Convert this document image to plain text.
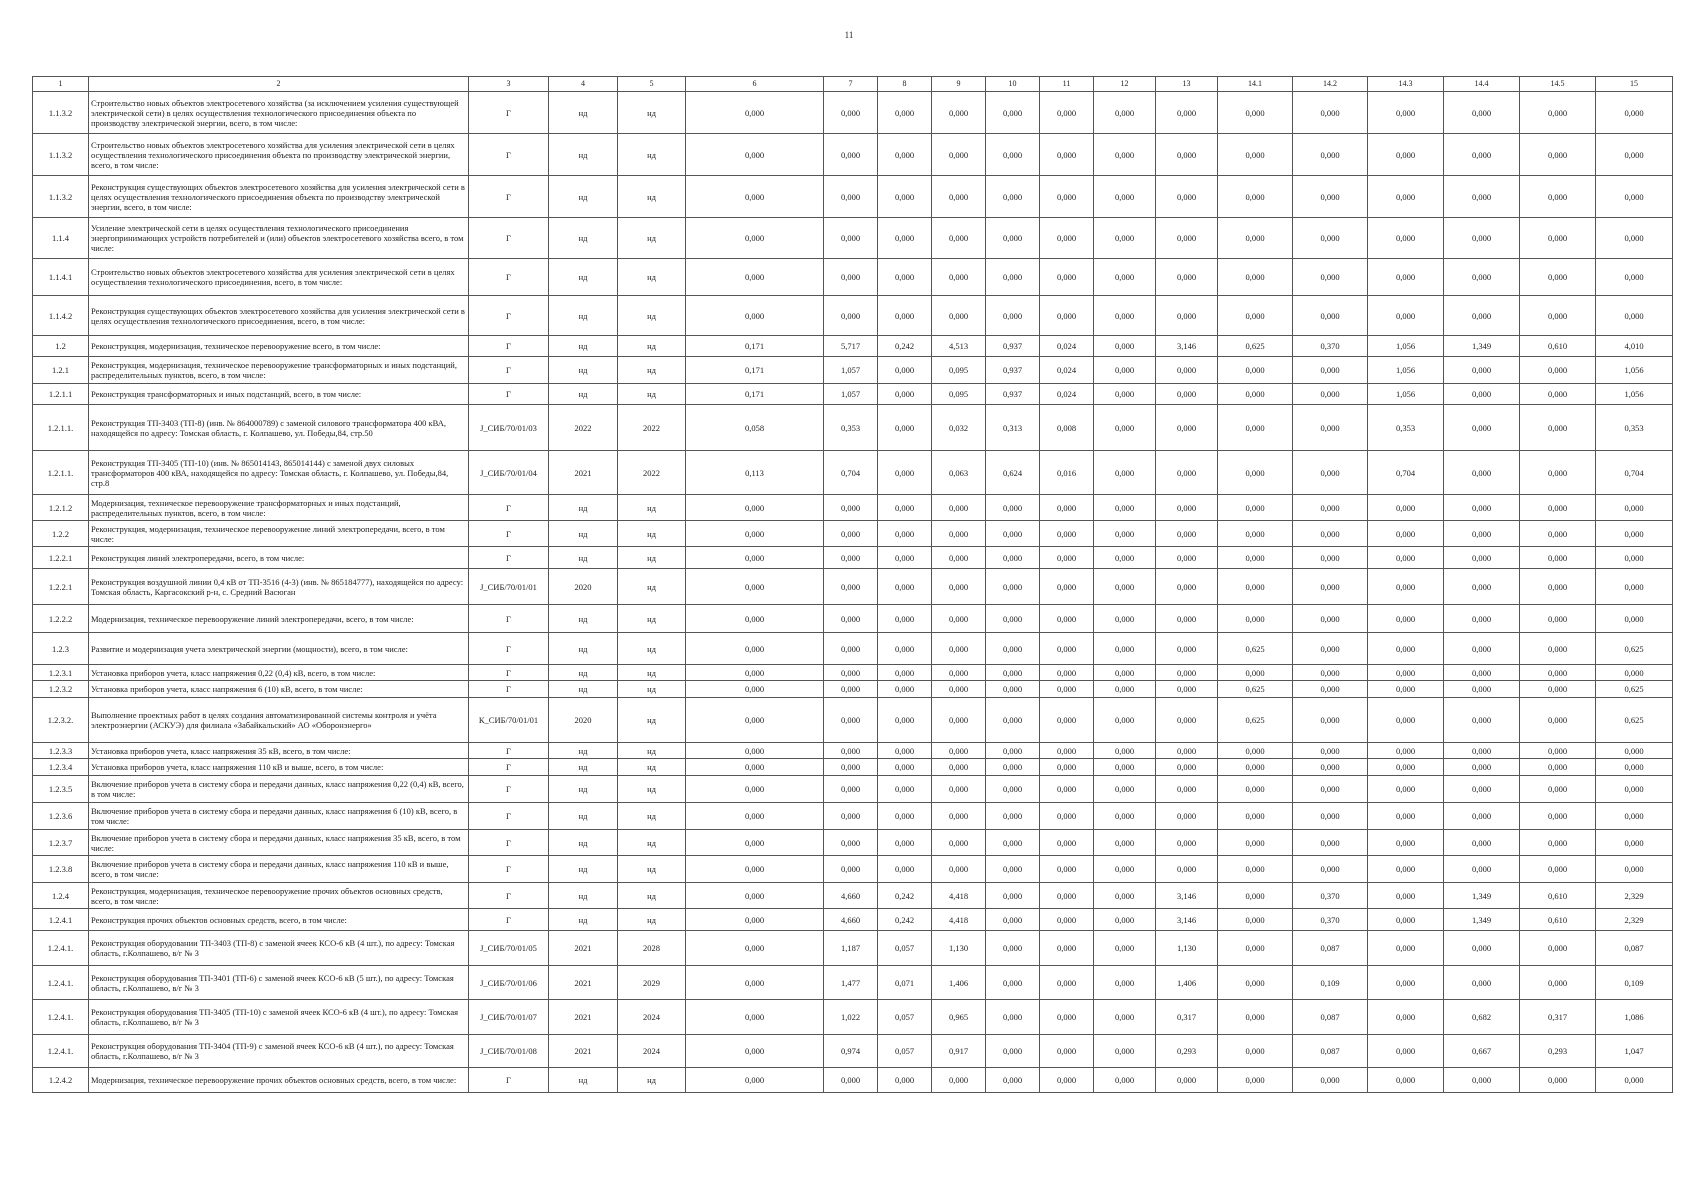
11
1	2	3	4	5	6	7	8	9	10	11	12	13	14.1	14.2	14.3	14.4	14.5	15
1.1.3.2	Строительство новых объектов электросетевого хозяйства (за исключением усиления существующей электрической сети) в целях осуществления технологического присоединения объекта по производству электрической энергии, всего, в том числе:	Г	нд	нд	0,000	0,000	0,000	0,000	0,000	0,000	0,000	0,000	0,000	0,000	0,000	0,000	0,000	0,000
1.1.3.2	Строительство новых объектов электросетевого хозяйства для усиления электрической сети в целях осуществления технологического присоединения объекта по производству электрической энергии, всего, в том числе:	Г	нд	нд	0,000	0,000	0,000	0,000	0,000	0,000	0,000	0,000	0,000	0,000	0,000	0,000	0,000	0,000
1.1.3.2	Реконструкция существующих объектов электросетевого хозяйства для усиления электрической сети в целях осуществления технологического присоединения объекта по производству электрической энергии, всего, в том числе:	Г	нд	нд	0,000	0,000	0,000	0,000	0,000	0,000	0,000	0,000	0,000	0,000	0,000	0,000	0,000	0,000
1.1.4	Усиление электрической сети в целях осуществления технологического присоединения энергопринимающих устройств потребителей и (или) объектов электросетевого хозяйства всего, в том числе:	Г	нд	нд	0,000	0,000	0,000	0,000	0,000	0,000	0,000	0,000	0,000	0,000	0,000	0,000	0,000	0,000
1.1.4.1	Строительство новых объектов электросетевого хозяйства для усиления электрической сети в целях осуществления технологического присоединения, всего, в том числе:	Г	нд	нд	0,000	0,000	0,000	0,000	0,000	0,000	0,000	0,000	0,000	0,000	0,000	0,000	0,000	0,000
1.1.4.2	Реконструкция существующих объектов электросетевого хозяйства для усиления электрической сети в целях осуществления технологического присоединения, всего, в том числе:	Г	нд	нд	0,000	0,000	0,000	0,000	0,000	0,000	0,000	0,000	0,000	0,000	0,000	0,000	0,000	0,000
1.2	Реконструкция, модернизация, техническое перевооружение всего, в том числе:	Г	нд	нд	0,171	5,717	0,242	4,513	0,937	0,024	0,000	3,146	0,625	0,370	1,056	1,349	0,610	4,010
1.2.1	Реконструкция, модернизация, техническое перевооружение трансформаторных и иных подстанций, распределительных пунктов, всего, в том числе:	Г	нд	нд	0,171	1,057	0,000	0,095	0,937	0,024	0,000	0,000	0,000	0,000	1,056	0,000	0,000	1,056
1.2.1.1	Реконструкция трансформаторных и иных подстанций, всего, в том числе:	Г	нд	нд	0,171	1,057	0,000	0,095	0,937	0,024	0,000	0,000	0,000	0,000	1,056	0,000	0,000	1,056
1.2.1.1.	Реконструкция ТП-3403 (ТП-8) (инв. № 864000789) с заменой силового трансформатора 400 кВА, находящейся по адресу: Томская область, г. Колпашево, ул. Победы,84, стр.50	J_СИБ/70/01/03	2022	2022	0,058	0,353	0,000	0,032	0,313	0,008	0,000	0,000	0,000	0,000	0,353	0,000	0,000	0,353
1.2.1.1.	Реконструкция ТП-3405 (ТП-10) (инв. № 865014143, 865014144) с заменой двух силовых трансформаторов 400 кВА, находящейся по адресу: Томская область, г. Колпашево, ул. Победы,84, стр.8	J_СИБ/70/01/04	2021	2022	0,113	0,704	0,000	0,063	0,624	0,016	0,000	0,000	0,000	0,000	0,704	0,000	0,000	0,704
1.2.1.2	Модернизация, техническое перевооружение трансформаторных и иных подстанций, распределительных пунктов, всего, в том числе:	Г	нд	нд	0,000	0,000	0,000	0,000	0,000	0,000	0,000	0,000	0,000	0,000	0,000	0,000	0,000	0,000
1.2.2	Реконструкция, модернизация, техническое перевооружение линий электропередачи, всего, в том числе:	Г	нд	нд	0,000	0,000	0,000	0,000	0,000	0,000	0,000	0,000	0,000	0,000	0,000	0,000	0,000	0,000
1.2.2.1	Реконструкция линий электропередачи, всего, в том числе:	Г	нд	нд	0,000	0,000	0,000	0,000	0,000	0,000	0,000	0,000	0,000	0,000	0,000	0,000	0,000	0,000
1.2.2.1	Реконструкция воздушной линии 0,4 кВ от ТП-3516 (4-3) (инв. № 865184777), находящейся по адресу: Томская область, Каргасокский р-н, с. Средний Васюган	J_СИБ/70/01/01	2020	нд	0,000	0,000	0,000	0,000	0,000	0,000	0,000	0,000	0,000	0,000	0,000	0,000	0,000	0,000
1.2.2.2	Модернизация, техническое перевооружение линий электропередачи, всего, в том числе:	Г	нд	нд	0,000	0,000	0,000	0,000	0,000	0,000	0,000	0,000	0,000	0,000	0,000	0,000	0,000	0,000
1.2.3	Развитие и модернизация учета электрической энергии (мощности), всего, в том числе:	Г	нд	нд	0,000	0,000	0,000	0,000	0,000	0,000	0,000	0,000	0,625	0,000	0,000	0,000	0,000	0,625
1.2.3.1	Установка приборов учета, класс напряжения 0,22 (0,4) кВ, всего, в том числе:	Г	нд	нд	0,000	0,000	0,000	0,000	0,000	0,000	0,000	0,000	0,000	0,000	0,000	0,000	0,000	0,000
1.2.3.2	Установка приборов учета, класс напряжения 6 (10) кВ, всего, в том числе:	Г	нд	нд	0,000	0,000	0,000	0,000	0,000	0,000	0,000	0,000	0,625	0,000	0,000	0,000	0,000	0,625
1.2.3.2.	Выполнение проектных работ в целях создания автоматизированной системы контроля и учёта электроэнергии (АСКУЭ) для филиала «Забайкальский» АО «Оборонэнерго»	К_СИБ/70/01/01	2020	нд	0,000	0,000	0,000	0,000	0,000	0,000	0,000	0,000	0,625	0,000	0,000	0,000	0,000	0,625
1.2.3.3	Установка приборов учета, класс напряжения 35 кВ, всего, в том числе:	Г	нд	нд	0,000	0,000	0,000	0,000	0,000	0,000	0,000	0,000	0,000	0,000	0,000	0,000	0,000	0,000
1.2.3.4	Установка приборов учета, класс напряжения 110 кВ и выше, всего, в том числе:	Г	нд	нд	0,000	0,000	0,000	0,000	0,000	0,000	0,000	0,000	0,000	0,000	0,000	0,000	0,000	0,000
1.2.3.5	Включение приборов учета в систему сбора и передачи данных, класс напряжения 0,22 (0,4) кВ, всего, в том числе:	Г	нд	нд	0,000	0,000	0,000	0,000	0,000	0,000	0,000	0,000	0,000	0,000	0,000	0,000	0,000	0,000
1.2.3.6	Включение приборов учета в систему сбора и передачи данных, класс напряжения 6 (10) кВ, всего, в том числе:	Г	нд	нд	0,000	0,000	0,000	0,000	0,000	0,000	0,000	0,000	0,000	0,000	0,000	0,000	0,000	0,000
1.2.3.7	Включение приборов учета в систему сбора и передачи данных, класс напряжения 35 кВ, всего, в том числе:	Г	нд	нд	0,000	0,000	0,000	0,000	0,000	0,000	0,000	0,000	0,000	0,000	0,000	0,000	0,000	0,000
1.2.3.8	Включение приборов учета в систему сбора и передачи данных, класс напряжения 110 кВ и выше, всего, в том числе:	Г	нд	нд	0,000	0,000	0,000	0,000	0,000	0,000	0,000	0,000	0,000	0,000	0,000	0,000	0,000	0,000
1.2.4	Реконструкция, модернизация, техническое перевооружение прочих объектов основных средств, всего, в том числе:	Г	нд	нд	0,000	4,660	0,242	4,418	0,000	0,000	0,000	3,146	0,000	0,370	0,000	1,349	0,610	2,329
1.2.4.1	Реконструкция прочих объектов основных средств, всего, в том числе:	Г	нд	нд	0,000	4,660	0,242	4,418	0,000	0,000	0,000	3,146	0,000	0,370	0,000	1,349	0,610	2,329
1.2.4.1.	Реконструкция оборудовании ТП-3403 (ТП-8) с заменой ячеек КСО-6 кВ (4 шт.), по адресу: Томская область, г.Колпашево, в/г № 3	J_СИБ/70/01/05	2021	2028	0,000	1,187	0,057	1,130	0,000	0,000	0,000	1,130	0,000	0,087	0,000	0,000	0,000	0,087
1.2.4.1.	Реконструкция оборудования ТП-3401 (ТП-6) с заменой ячеек КСО-6 кВ (5 шт.), по адресу: Томская область, г.Колпашево, в/г № 3	J_СИБ/70/01/06	2021	2029	0,000	1,477	0,071	1,406	0,000	0,000	0,000	1,406	0,000	0,109	0,000	0,000	0,000	0,109
1.2.4.1.	Реконструкция оборудования ТП-3405 (ТП-10) с заменой ячеек КСО-6 кВ (4 шт.), по адресу: Томская область, г.Колпашево, в/г № 3	J_СИБ/70/01/07	2021	2024	0,000	1,022	0,057	0,965	0,000	0,000	0,000	0,317	0,000	0,087	0,000	0,682	0,317	1,086
1.2.4.1.	Реконструкция оборудования ТП-3404 (ТП-9) с заменой ячеек КСО-6 кВ (4 шт.), по адресу: Томская область, г.Колпашево, в/г № 3	J_СИБ/70/01/08	2021	2024	0,000	0,974	0,057	0,917	0,000	0,000	0,000	0,293	0,000	0,087	0,000	0,667	0,293	1,047
1.2.4.2	Модернизация, техническое перевооружение прочих объектов основных средств, всего, в том числе:	Г	нд	нд	0,000	0,000	0,000	0,000	0,000	0,000	0,000	0,000	0,000	0,000	0,000	0,000	0,000	0,000
